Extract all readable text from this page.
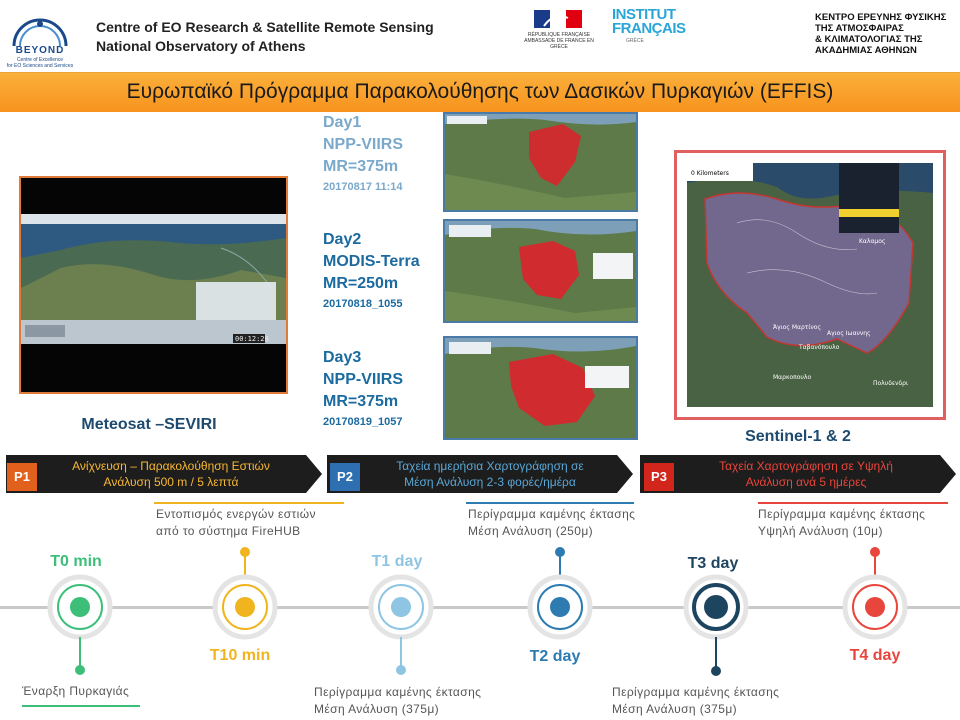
BEYOND
Centre of Excellence
for EO Sciences and Services
Centre of EO Research & Satellite Remote Sensing
National Observatory of Athens
RÉPUBLIQUE FRANÇAISE
AMBASSADE DE FRANCE EN GRÈCE
INSTITUT
FRANÇAIS
GRÈCE
ΚΕΝΤΡΟ ΕΡΕΥΝΗΣ ΦΥΣΙΚΗΣ
ΤΗΣ ΑΤΜΟΣΦΑΙΡΑΣ
& ΚΛΙΜΑΤΟΛΟΓΙΑΣ ΤΗΣ
ΑΚΑΔΗΜΙΑΣ ΑΘΗΝΩΝ
Ευρωπαϊκό Πρόγραμμα Παρακολούθησης των Δασικών Πυρκαγιών (EFFIS)
00:12:20
Meteosat –SEVIRI
Day1
NPP-VIIRS
MR=375m
20170817 11:14
Day2
MODIS-Terra
MR=250m
20170818_1055
Day3
NPP-VIIRS
MR=375m
20170819_1057
0 Kilometers
Καλαμος
Άγιος Μαρτίνος
Αγιος Ιωαννης
Ταβανόπουλο
Μαρκοπουλο
Πολυδενδρι
Sentinel-1 & 2
P1
Ανίχνευση – Παρακολούθηση Εστιών
Ανάλυση 500 m / 5 λεπτά	P2
Ταχεία ημερήσια Χαρτογράφηση σε
Μέση Ανάλυση 2-3 φορές/ημέρα	P3
Ταχεία Χαρτογράφηση σε Υψηλή
Ανάλυση ανά 5 ημέρες
T0 min
Έναρξη Πυρκαγιάς
Εντοπισμός ενεργών εστιών
από το σύστημα FireHUB
T10 min
T1 day
Περίγραμμα καμένης έκτασης
Μέση Ανάλυση (375μ)
Περίγραμμα καμένης έκτασης
Μέση Ανάλυση (250μ)
T2 day
T3 day
Περίγραμμα καμένης έκτασης
Μέση Ανάλυση (375μ)
Περίγραμμα καμένης έκτασης
Υψηλή Ανάλυση (10μ)
T4 day
